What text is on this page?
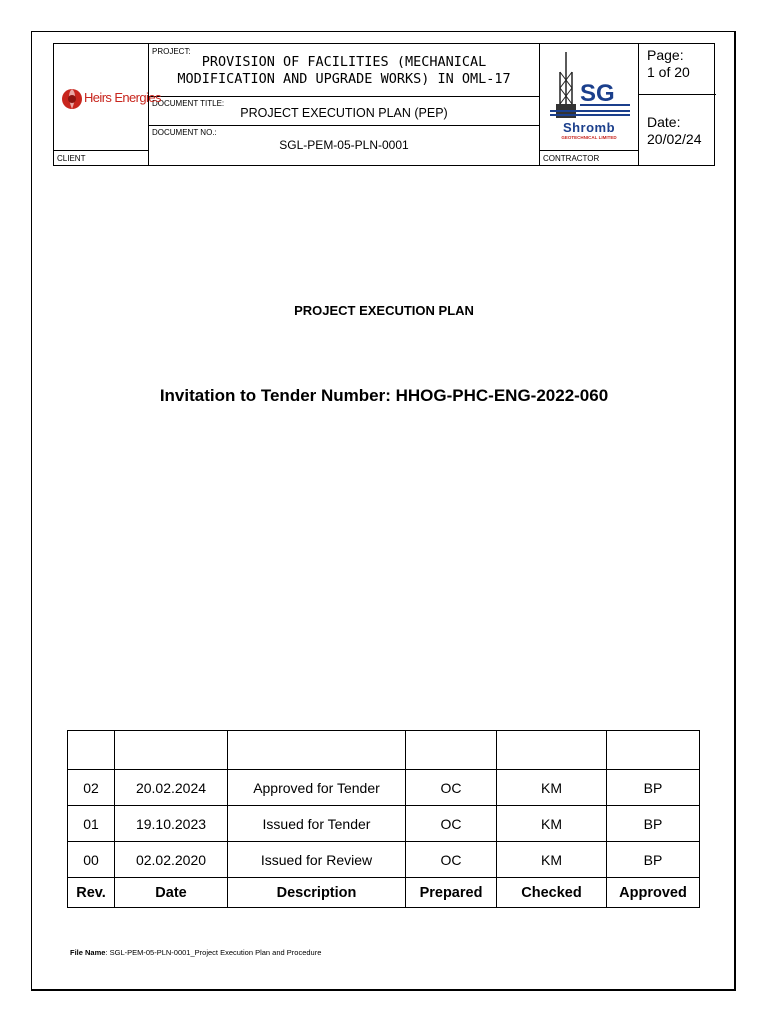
PROJECT:
PROVISION OF FACILITIES (MECHANICAL
MODIFICATION AND UPGRADE WORKS) IN OML-17
DOCUMENT TITLE:
PROJECT EXECUTION PLAN (PEP)
DOCUMENT NO.:
SGL-PEM-05-PLN-0001
Heirs Energies
CLIENT
SG
Shromb
GEOTECHNICAL LIMITED
CONTRACTOR
Page:
1 of 20
Date:
20/02/24
PROJECT EXECUTION PLAN
Invitation to Tender Number: HHOG-PHC-ENG-2022-060

02	20.02.2024	Approved for Tender	OC	KM	BP
01	19.10.2023	Issued for Tender	OC	KM	BP
00	02.02.2020	Issued for Review	OC	KM	BP
Rev.	Date	Description	Prepared	Checked	Approved
File Name: SGL-PEM-05-PLN-0001_Project Execution Plan and Procedure
